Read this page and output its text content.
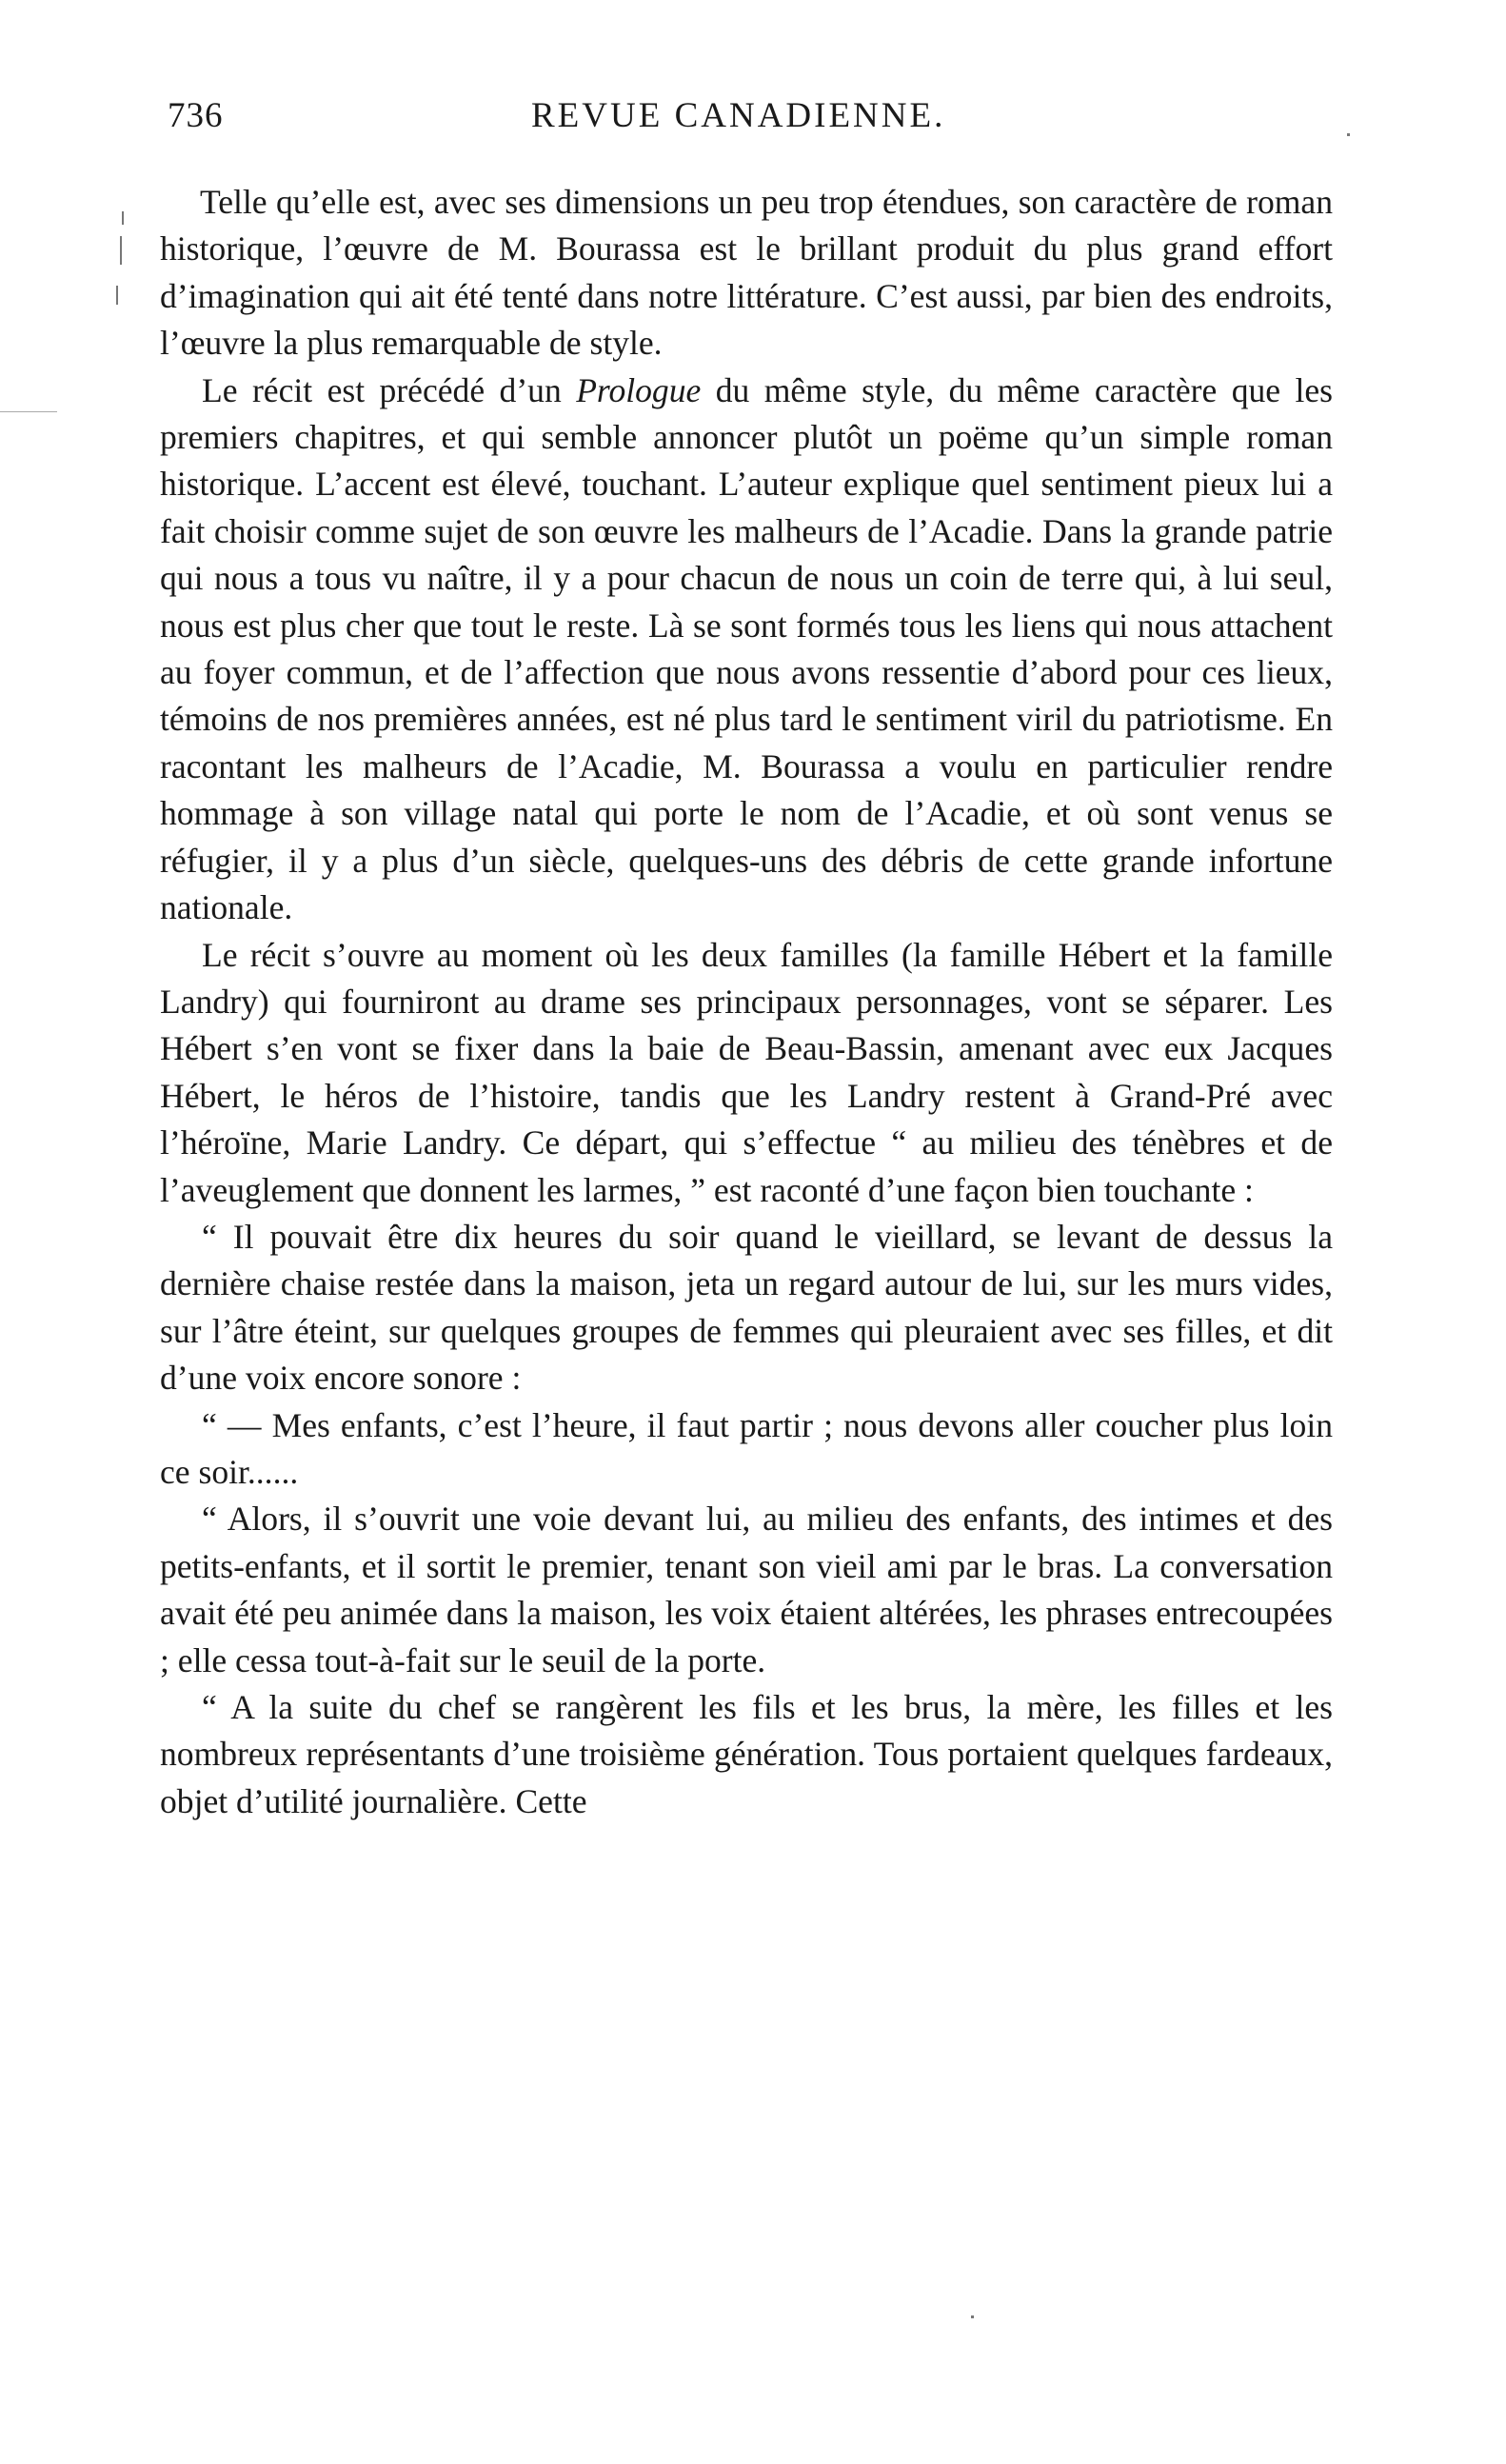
736	REVUE CANADIENNE.

Telle qu’elle est, avec ses dimensions un peu trop étendues, son caractère de roman historique, l’œuvre de M. Bourassa est le brillant produit du plus grand effort d’imagination qui ait été tenté dans notre littérature. C’est aussi, par bien des endroits, l’œuvre la plus remarquable de style.

Le récit est précédé d’un Prologue du même style, du même caractère que les premiers chapitres, et qui semble annoncer plutôt un poëme qu’un simple roman historique. L’accent est élevé, touchant. L’auteur explique quel sentiment pieux lui a fait choisir comme sujet de son œuvre les malheurs de l’Acadie. Dans la grande patrie qui nous a tous vu naître, il y a pour chacun de nous un coin de terre qui, à lui seul, nous est plus cher que tout le reste. Là se sont formés tous les liens qui nous attachent au foyer commun, et de l’affection que nous avons ressentie d’abord pour ces lieux, témoins de nos premières années, est né plus tard le sentiment viril du patriotisme. En racontant les malheurs de l’Acadie, M. Bourassa a voulu en particulier rendre hommage à son village natal qui porte le nom de l’Acadie, et où sont venus se réfugier, il y a plus d’un siècle, quelques-uns des débris de cette grande infortune nationale.

Le récit s’ouvre au moment où les deux familles (la famille Hébert et la famille Landry) qui fourniront au drame ses principaux personnages, vont se séparer. Les Hébert s’en vont se fixer dans la baie de Beau-Bassin, amenant avec eux Jacques Hébert, le héros de l’histoire, tandis que les Landry restent à Grand-Pré avec l’héroïne, Marie Landry. Ce départ, qui s’effectue “ au milieu des ténèbres et de l’aveuglement que donnent les larmes, ” est raconté d’une façon bien touchante :

“ Il pouvait être dix heures du soir quand le vieillard, se levant de dessus la dernière chaise restée dans la maison, jeta un regard autour de lui, sur les murs vides, sur l’âtre éteint, sur quelques groupes de femmes qui pleuraient avec ses filles, et dit d’une voix encore sonore :

“ — Mes enfants, c’est l’heure, il faut partir ; nous devons aller coucher plus loin ce soir......

“ Alors, il s’ouvrit une voie devant lui, au milieu des enfants, des intimes et des petits-enfants, et il sortit le premier, tenant son vieil ami par le bras. La conversation avait été peu animée dans la maison, les voix étaient altérées, les phrases entrecoupées ; elle cessa tout-à-fait sur le seuil de la porte.

“ A la suite du chef se rangèrent les fils et les brus, la mère, les filles et les nombreux représentants d’une troisième génération. Tous portaient quelques fardeaux, objet d’utilité journalière. Cette
